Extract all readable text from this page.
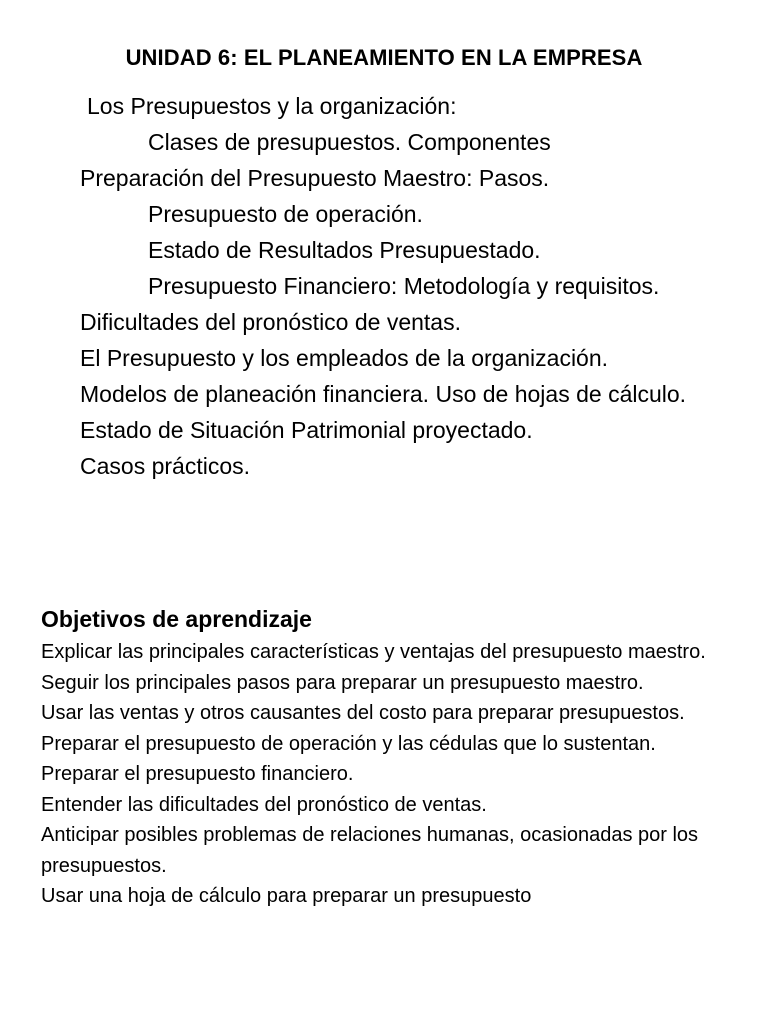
UNIDAD 6: EL PLANEAMIENTO EN LA EMPRESA
Los Presupuestos y la organización:
Clases de presupuestos. Componentes
Preparación del Presupuesto Maestro: Pasos.
Presupuesto de operación.
Estado de Resultados Presupuestado.
Presupuesto Financiero: Metodología y requisitos.
Dificultades del pronóstico de ventas.
El Presupuesto y los empleados de la organización.
Modelos de planeación financiera. Uso de hojas de cálculo.
Estado de Situación Patrimonial proyectado.
Casos prácticos.
Objetivos de aprendizaje
Explicar las principales características y ventajas del presupuesto maestro.
Seguir los principales pasos para preparar un presupuesto maestro.
Usar las ventas y otros causantes del costo para preparar presupuestos.
Preparar el presupuesto de operación y las cédulas que lo sustentan.
Preparar el presupuesto financiero.
Entender las dificultades del pronóstico de ventas.
Anticipar posibles problemas de relaciones humanas, ocasionadas por los presupuestos.
Usar una hoja de cálculo para preparar un presupuesto
